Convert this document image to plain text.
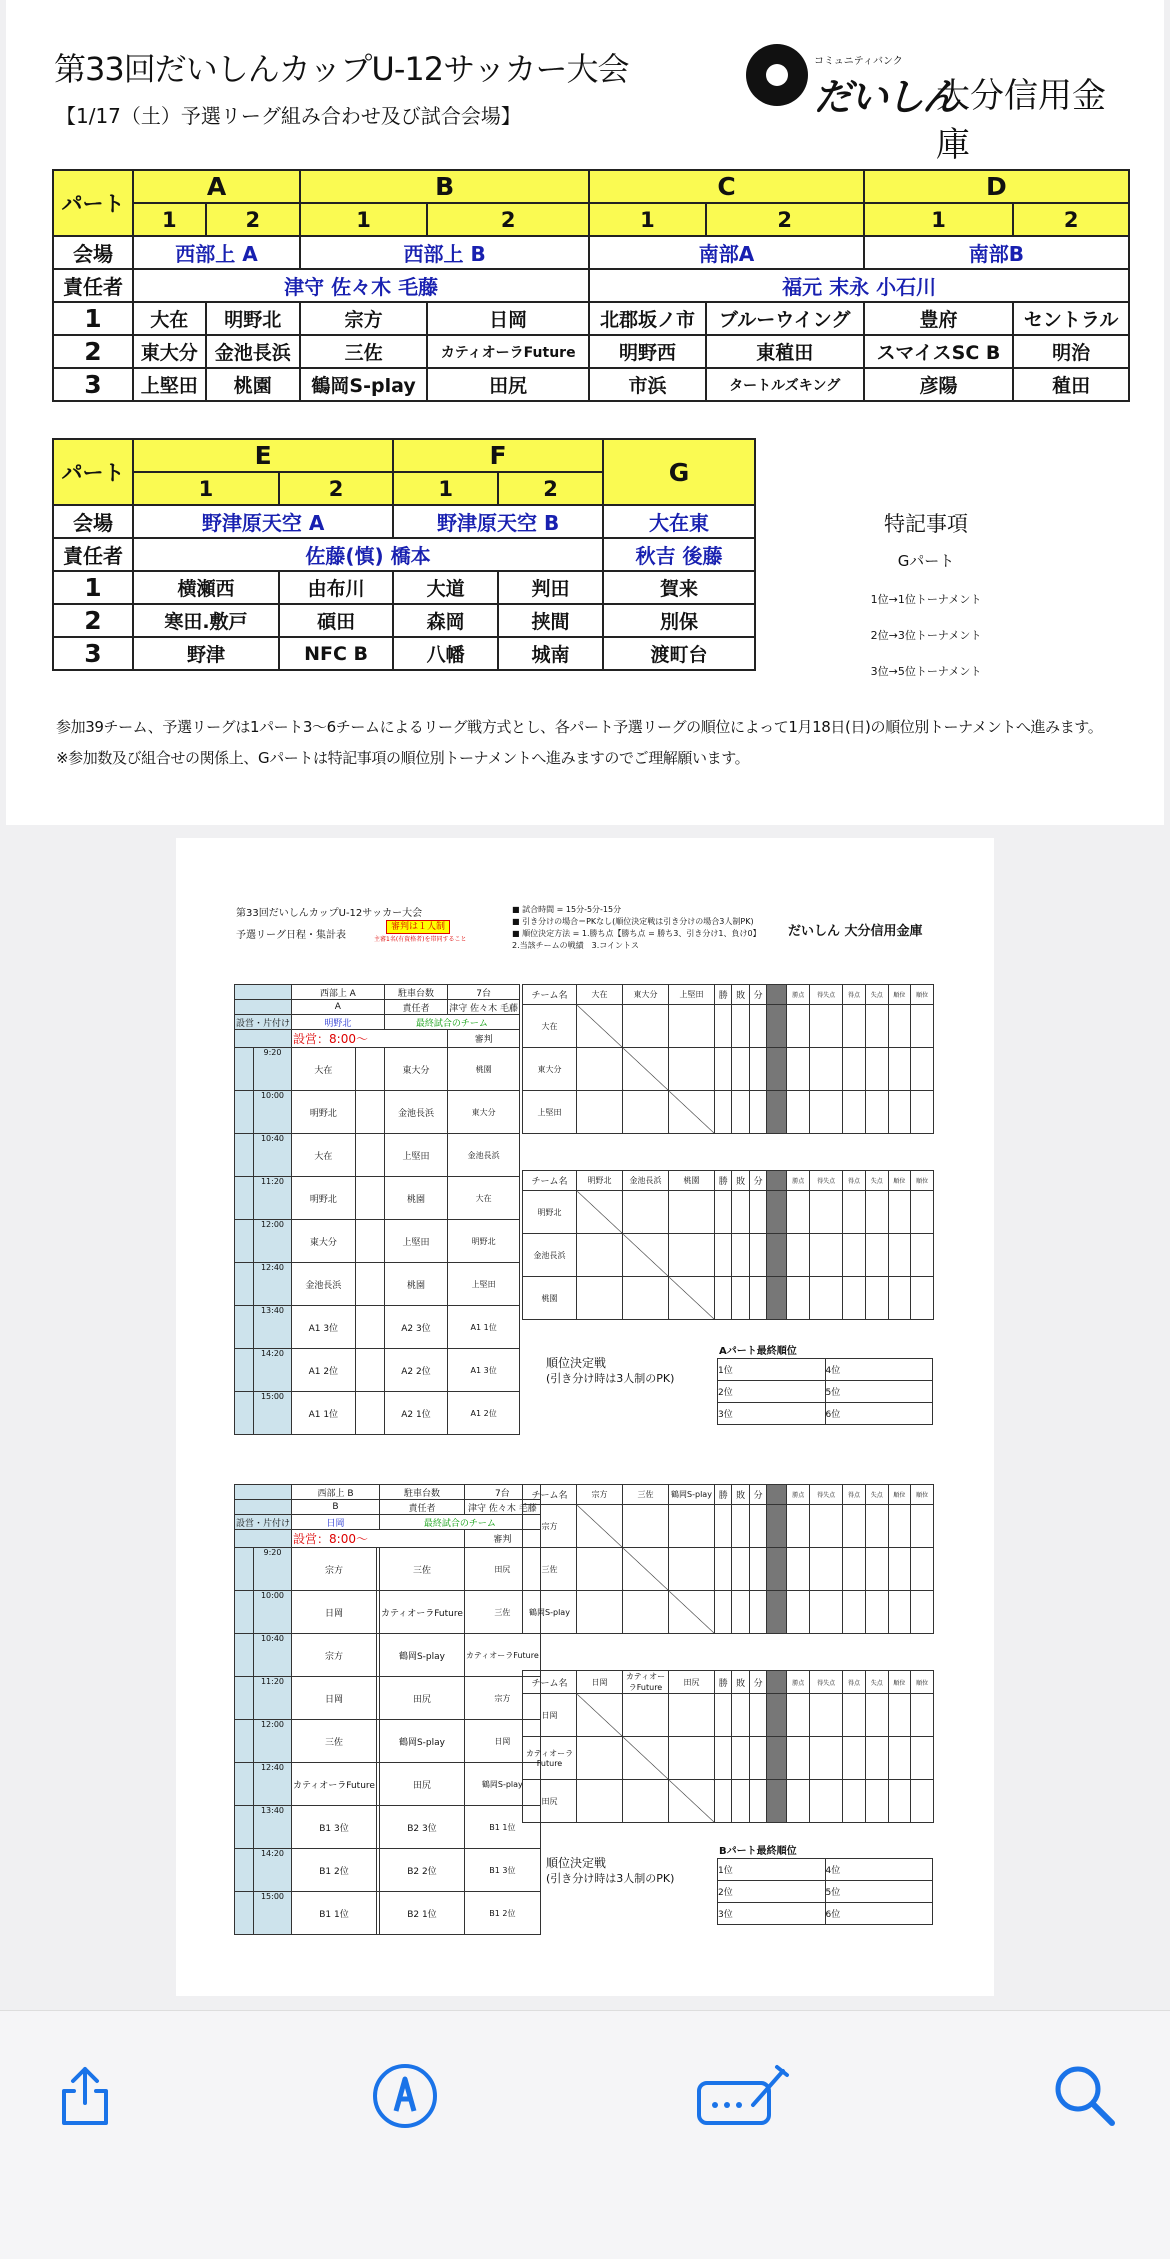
第33回だいしんカップU-12サッカー大会
【1/17（土）予選リーグ組み合わせ及び試合会場】
コミュニティバンク
だいしん
大分信用金庫
パート	A		B		C		D	
	1	2	1	2	1	2	1	2
会場	西部上 A		西部上 B		南部A		南部B	
責任者	津守 佐々木 毛藤				福元 末永 小石川			
1	大在	明野北	宗方	日岡	北郡坂ノ市	ブルーウイング	豊府	セントラル
2	東大分	金池長浜	三佐	カティオーラFuture	明野西	東稙田	スマイスSC B	明治
3	上堅田	桃園	鶴岡S-play	田尻	市浜	タートルズキング	彦陽	稙田
パート	E		F		G
	1	2	1	2	
会場	野津原天空 A		野津原天空 B		大在東
責任者	佐藤(慎) 橋本				秋吉 後藤
1	横瀬西	由布川	大道	判田	賀来
2	寒田.敷戸	碩田	森岡	挟間	別保
3	野津	NFC B	八幡	城南	渡町台
特記事項
Gパート
1位→1位トーナメント
2位→3位トーナメント
3位→5位トーナメント
参加39チーム、予選リーグは1パート3～6チームによるリーグ戦方式とし、各パート予選リーグの順位によって1月18日(日)の順位別トーナメントへ進みます。
※参加数及び組合せの関係上、Gパートは特記事項の順位別トーナメントへ進みますのでご理解願います。
第33回だいしんカップU-12サッカー大会
予選リーグ日程・集計表
審判は１人制
主審1名(有資格者)を帯同すること
■ 試合時間 = 15分-5分-15分
■ 引き分けの場合＝PKなし(順位決定戦は引き分けの場合3人制PK)
■ 順位決定方法 = 1.勝ち点【勝ち点 = 勝ち3、引き分け1、負け0】
2.当該チームの戦績　3.コイントス
だいしん 大分信用金庫
		西部上 A		駐車台数	7台
		A		責任者	津守 佐々木 毛藤
設営・片付け		明野北		最終試合のチーム	
		設営：8:00～			審判
	9:20	大在		東大分	桃園
	10:00	明野北		金池長浜	東大分
	10:40	大在		上堅田	金池長浜
	11:20	明野北		桃園	大在
	12:00	東大分		上堅田	明野北
	12:40	金池長浜		桃園	上堅田
	13:40	A1 3位		A2 3位	A1 1位
	14:20	A1 2位		A2 2位	A1 3位
	15:00	A1 1位		A2 1位	A1 2位
チーム名	大在	東大分	上堅田	勝	敗	分		勝点	得失点	得点	失点	順位	順位
大在													
東大分													
上堅田													
チーム名	明野北	金池長浜	桃園	勝	敗	分		勝点	得失点	得点	失点	順位	順位
明野北													
金池長浜													
桃園													
順位決定戦
(引き分け時は3人制のPK)
Aパート最終順位
1位	4位
2位	5位
3位	6位
		西部上 B		駐車台数	7台
		B		責任者	津守 佐々木 毛藤
設営・片付け		日岡		最終試合のチーム	
		設営：8:00～			審判
	9:20	宗方		三佐	田尻
	10:00	日岡		カティオーラFuture	三佐
	10:40	宗方		鶴岡S-play	カティオーラFuture
	11:20	日岡		田尻	宗方
	12:00	三佐		鶴岡S-play	日岡
	12:40	カティオーラFuture		田尻	鶴岡S-play
	13:40	B1 3位		B2 3位	B1 1位
	14:20	B1 2位		B2 2位	B1 3位
	15:00	B1 1位		B2 1位	B1 2位
チーム名	宗方	三佐	鶴岡S-play	勝	敗	分		勝点	得失点	得点	失点	順位	順位
宗方													
三佐													
鶴岡S-play													
チーム名	日岡	カティオーラFuture	田尻	勝	敗	分		勝点	得失点	得点	失点	順位	順位
日岡													
カティオーラFuture													
田尻													
順位決定戦
(引き分け時は3人制のPK)
Bパート最終順位
1位	4位
2位	5位
3位	6位
